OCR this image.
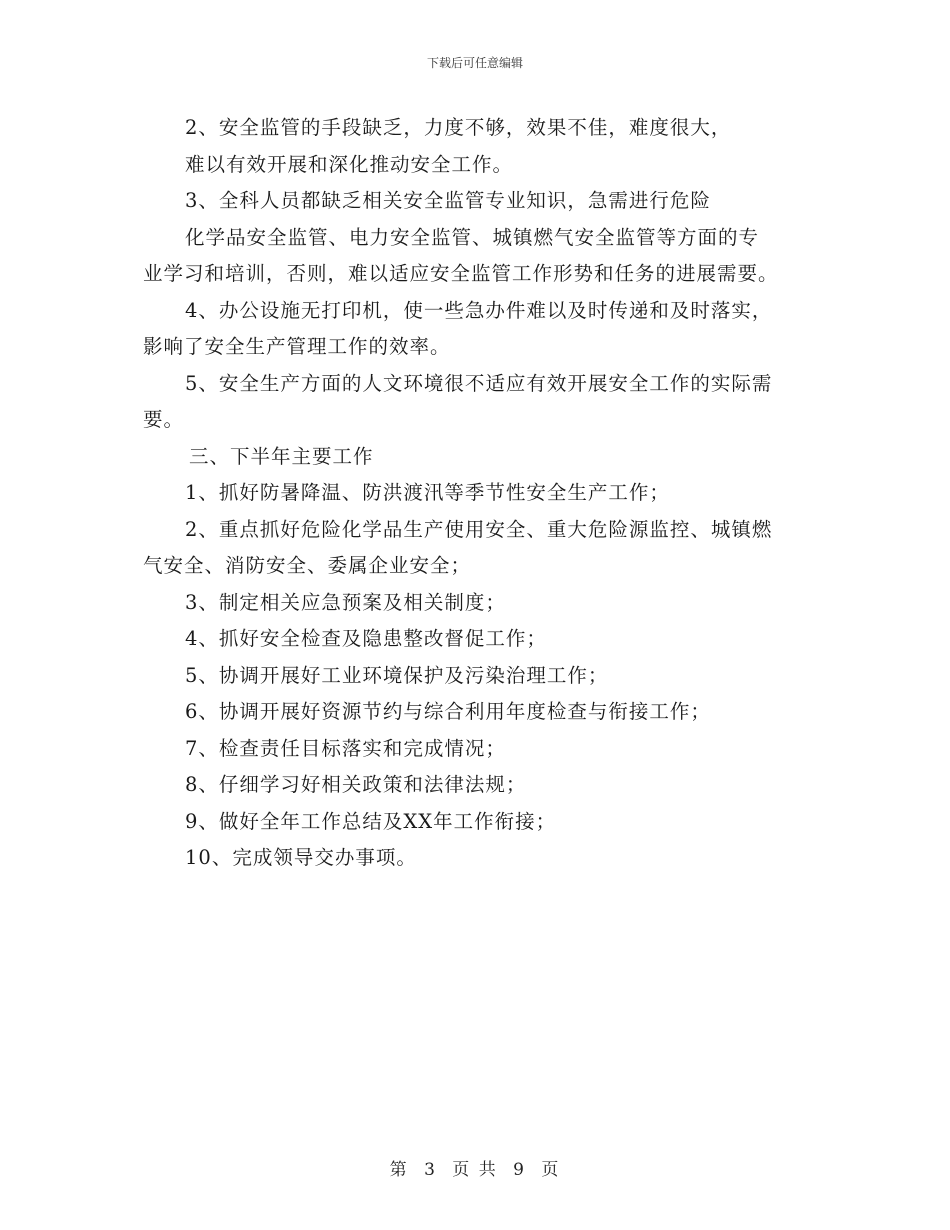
下载后可任意编辑
2、安全监管的手段缺乏，力度不够，效果不佳，难度很大，
难以有效开展和深化推动安全工作。
3、全科人员都缺乏相关安全监管专业知识，急需进行危险
化学品安全监管、电力安全监管、城镇燃气安全监管等方面的专
业学习和培训，否则，难以适应安全监管工作形势和任务的进展需要。
4、办公设施无打印机，使一些急办件难以及时传递和及时落实，
影响了安全生产管理工作的效率。
5、安全生产方面的人文环境很不适应有效开展安全工作的实际需
要。
三、下半年主要工作
1、抓好防暑降温、防洪渡汛等季节性安全生产工作；
2、重点抓好危险化学品生产使用安全、重大危险源监控、城镇燃
气安全、消防安全、委属企业安全；
3、制定相关应急预案及相关制度；
4、抓好安全检查及隐患整改督促工作；
5、协调开展好工业环境保护及污染治理工作；
6、协调开展好资源节约与综合利用年度检查与衔接工作；
7、检查责任目标落实和完成情况；
8、仔细学习好相关政策和法律法规；
9、做好全年工作总结及XX年工作衔接；
10、完成领导交办事项。
第 3 页 共 9 页
